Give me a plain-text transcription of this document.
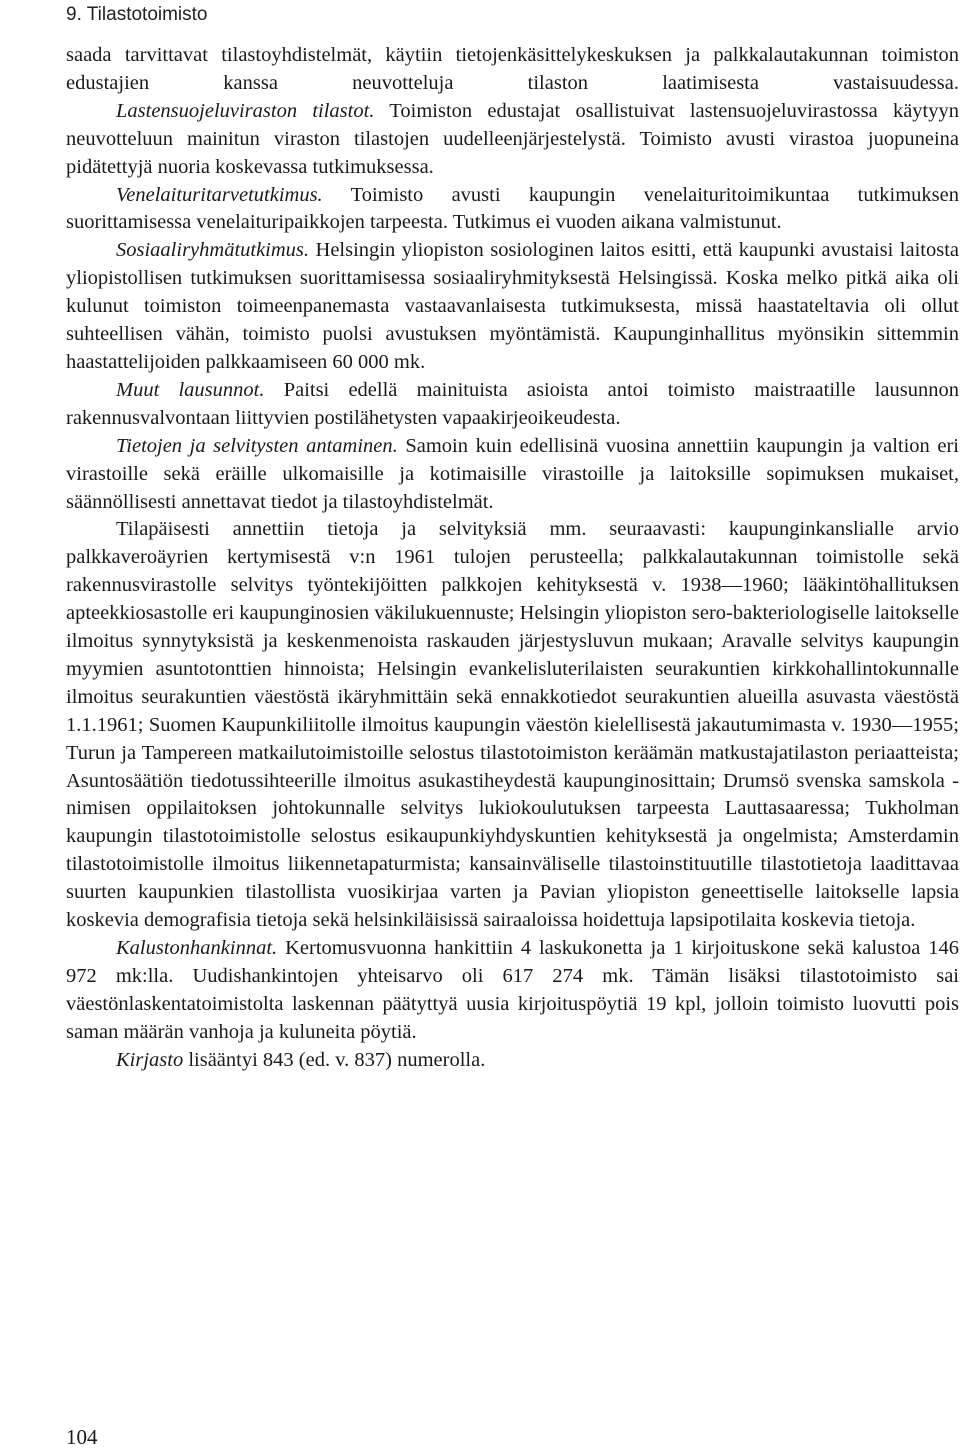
9. Tilastotoimisto

saada tarvittavat tilastoyhdistelmät, käytiin tietojenkäsittelykeskuksen ja palkkalautakunnan toimiston edustajien kanssa neuvotteluja tilaston laatimisesta vastaisuudessa.

Lastensuojeluviraston tilastot. Toimiston edustajat osallistuivat lastensuojeluvirastossa käytyyn neuvotteluun mainitun viraston tilastojen uudelleenjärjestelystä. Toimisto avusti virastoa juopuneina pidätettyjä nuoria koskevassa tutkimuksessa.

Venelaituritarvetutkimus. Toimisto avusti kaupungin venelaituritoimikuntaa tutkimuksen suorittamisessa venelaituripaikkojen tarpeesta. Tutkimus ei vuoden aikana valmistunut.

Sosiaaliryhmätutkimus. Helsingin yliopiston sosiologinen laitos esitti, että kaupunki avustaisi laitosta yliopistollisen tutkimuksen suorittamisessa sosiaaliryhmityksestä Helsingissä. Koska melko pitkä aika oli kulunut toimiston toimeenpanemasta vastaavanlaisesta tutkimuksesta, missä haastateltavia oli ollut suhteellisen vähän, toimisto puolsi avustuksen myöntämistä. Kaupunginhallitus myönsikin sittemmin haastattelijoiden palkkaamiseen 60 000 mk.

Muut lausunnot. Paitsi edellä mainituista asioista antoi toimisto maistraatille lausunnon rakennusvalvontaan liittyvien postilähetysten vapaakirjeoikeudesta.

Tietojen ja selvitysten antaminen. Samoin kuin edellisinä vuosina annettiin kaupungin ja valtion eri virastoille sekä eräille ulkomaisille ja kotimaisille virastoille ja laitoksille sopimuksen mukaiset, säännöllisesti annettavat tiedot ja tilastoyhdistelmät.

Tilapäisesti annettiin tietoja ja selvityksiä mm. seuraavasti: kaupunginkanslialle arvio palkkaveroäyrien kertymisestä v:n 1961 tulojen perusteella; palkkalautakunnan toimistolle sekä rakennusvirastolle selvitys työntekijöitten palkkojen kehityksestä v. 1938—1960; lääkintöhallituksen apteekkiosastolle eri kaupunginosien väkilukuennuste; Helsingin yliopiston sero-bakteriologiselle laitokselle ilmoitus synnytyksistä ja keskenmenoista raskauden järjestysluvun mukaan; Aravalle selvitys kaupungin myymien asuntotonttien hinnoista; Helsingin evankelisluterilaisten seurakuntien kirkkohallintokunnalle ilmoitus seurakuntien väestöstä ikäryhmittäin sekä ennakkotiedot seurakuntien alueilla asuvasta väestöstä 1.1.1961; Suomen Kaupunkiliitolle ilmoitus kaupungin väestön kielellisestä jakautumimasta v. 1930—1955; Turun ja Tampereen matkailutoimistoille selostus tilastotoimiston keräämän matkustajatilaston periaatteista; Asuntosäätiön tiedotussihteerille ilmoitus asukastiheydestä kaupunginosittain; Drumsö svenska samskola -nimisen oppilaitoksen johtokunnalle selvitys lukiokoulutuksen tarpeesta Lauttasaaressa; Tukholman kaupungin tilastotoimistolle selostus esikaupunkiyhdyskuntien kehityksestä ja ongelmista; Amsterdamin tilastotoimistolle ilmoitus liikennetapaturmista; kansainväliselle tilastoinstituutille tilastotietoja laadittavaa suurten kaupunkien tilastollista vuosikirjaa varten ja Pavian yliopiston geneettiselle laitokselle lapsia koskevia demografisia tietoja sekä helsinkiläisissä sairaaloissa hoidettuja lapsipotilaita koskevia tietoja.

Kalustonhankinnat. Kertomusvuonna hankittiin 4 laskukonetta ja 1 kirjoituskone sekä kalustoa 146 972 mk:lla. Uudishankintojen yhteisarvo oli 617 274 mk. Tämän lisäksi tilastotoimisto sai väestönlaskentatoimistolta laskennan päätyttyä uusia kirjoituspöytiä 19 kpl, jolloin toimisto luovutti pois saman määrän vanhoja ja kuluneita pöytiä.

Kirjasto lisääntyi 843 (ed. v. 837) numerolla.

104
